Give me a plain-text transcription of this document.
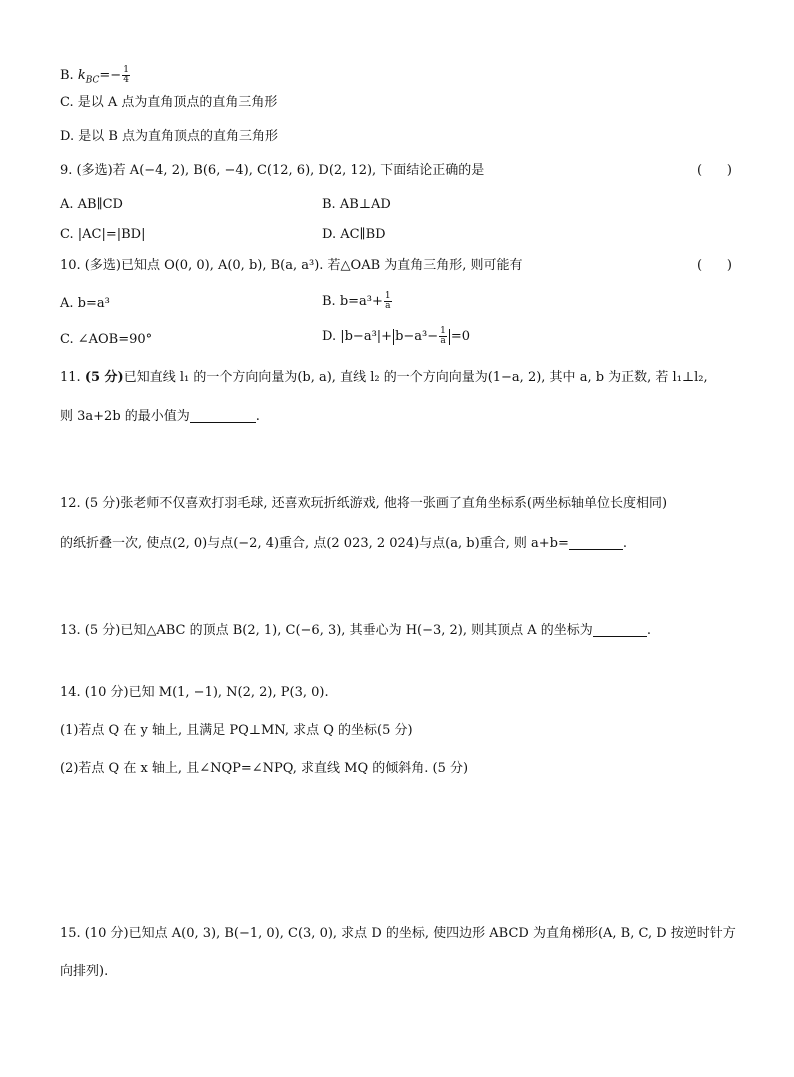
B. $k_{BC}=- \frac{1}{4}$
C. 是以 A 点为直角顶点的直角三角形
D. 是以 B 点为直角顶点的直角三角形
9. (多选)若 A(−4, 2), B(6, −4), C(12, 6), D(2, 12), 下面结论正确的是	(      )
A. AB∥CD	B. AB⊥AD
C. |AC|=|BD|	D. AC∥BD
10. (多选)已知点 O(0, 0), A(0, b), B(a, a³). 若△OAB 为直角三角形, 则可能有	(      )
A. b=a³	B. $b=a^3+ \frac{1}{a}$
C. ∠AOB=90°	D. $|b-a^3|+ b-a^3- \frac{1}{a} =0$
11. (5 分)已知直线 l₁ 的一个方向向量为(b, a), 直线 l₂ 的一个方向向量为(1−a, 2), 其中 a, b 为正数, 若 l₁⊥l₂,
则 3a+2b 的最小值为	.
12. (5 分)张老师不仅喜欢打羽毛球, 还喜欢玩折纸游戏, 他将一张画了直角坐标系(两坐标轴单位长度相同)
的纸折叠一次, 使点(2, 0)与点(−2, 4)重合, 点(2 023, 2 024)与点(a, b)重合, 则 a+b=	.
13. (5 分)已知△ABC 的顶点 B(2, 1), C(−6, 3), 其垂心为 H(−3, 2), 则其顶点 A 的坐标为	.
14. (10 分)已知 M(1, −1), N(2, 2), P(3, 0).
(1)若点 Q 在 y 轴上, 且满足 PQ⊥MN, 求点 Q 的坐标(5 分)
(2)若点 Q 在 x 轴上, 且∠NQP=∠NPQ, 求直线 MQ 的倾斜角. (5 分)
15. (10 分)已知点 A(0, 3), B(−1, 0), C(3, 0), 求点 D 的坐标, 使四边形 ABCD 为直角梯形(A, B, C, D 按逆时针方
向排列).
